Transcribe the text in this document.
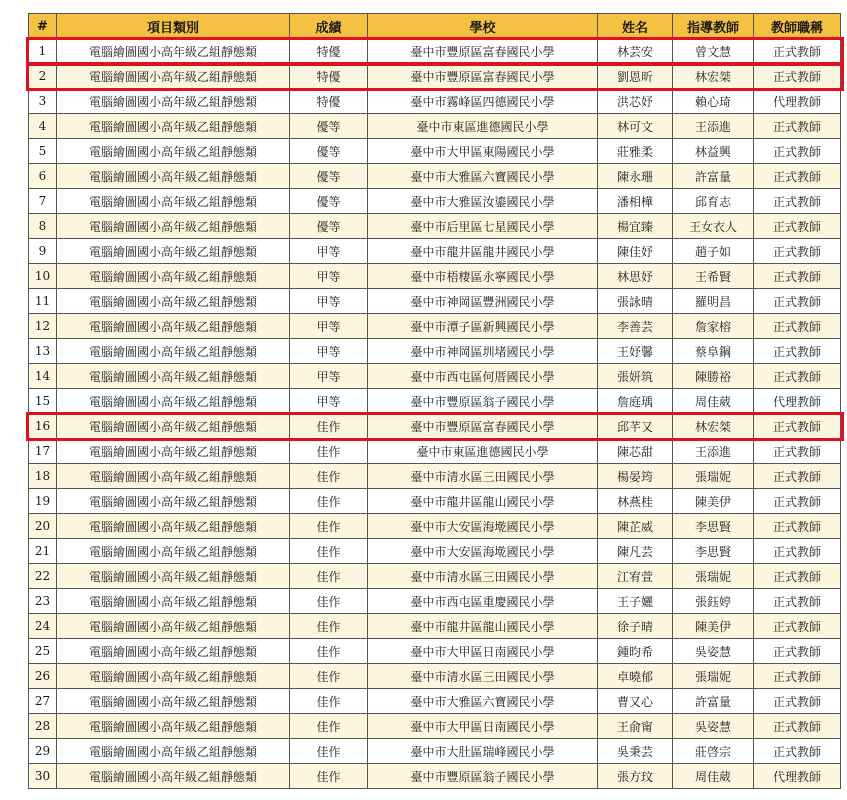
#	項目類別	成績	學校	姓名	指導教師	教師職稱
1	電腦繪圖國小高年級乙組靜態類	特優	臺中市豐原區富春國民小學	林芸安	曾文慧	正式教師
2	電腦繪圖國小高年級乙組靜態類	特優	臺中市豐原區富春國民小學	劉恩昕	林宏桀	正式教師
3	電腦繪圖國小高年級乙組靜態類	特優	臺中市霧峰區四德國民小學	洪芯妤	賴心琦	代理教師
4	電腦繪圖國小高年級乙組靜態類	優等	臺中市東區進德國民小學	林可文	王添進	正式教師
5	電腦繪圖國小高年級乙組靜態類	優等	臺中市大甲區東陽國民小學	莊雅柔	林益興	正式教師
6	電腦繪圖國小高年級乙組靜態類	優等	臺中市大雅區六寶國民小學	陳永珊	許富量	正式教師
7	電腦繪圖國小高年級乙組靜態類	優等	臺中市大雅區汝鎏國民小學	潘相樺	邱育志	正式教師
8	電腦繪圖國小高年級乙組靜態類	優等	臺中市后里區七星國民小學	楊宜臻	王女衣人	正式教師
9	電腦繪圖國小高年級乙組靜態類	甲等	臺中市龍井區龍井國民小學	陳佳妤	趙子如	正式教師
10	電腦繪圖國小高年級乙組靜態類	甲等	臺中市梧棲區永寧國民小學	林思妤	王希賢	正式教師
11	電腦繪圖國小高年級乙組靜態類	甲等	臺中市神岡區豐洲國民小學	張詠晴	羅明昌	正式教師
12	電腦繪圖國小高年級乙組靜態類	甲等	臺中市潭子區新興國民小學	李善芸	詹家榕	正式教師
13	電腦繪圖國小高年級乙組靜態類	甲等	臺中市神岡區圳堵國民小學	王妤馨	蔡阜鋼	正式教師
14	電腦繪圖國小高年級乙組靜態類	甲等	臺中市西屯區何厝國民小學	張妍筑	陳勝裕	正式教師
15	電腦繪圖國小高年級乙組靜態類	甲等	臺中市豐原區翁子國民小學	詹庭瑀	周佳葳	代理教師
16	電腦繪圖國小高年級乙組靜態類	佳作	臺中市豐原區富春國民小學	邱芊又	林宏桀	正式教師
17	電腦繪圖國小高年級乙組靜態類	佳作	臺中市東區進德國民小學	陳芯甜	王添進	正式教師
18	電腦繪圖國小高年級乙組靜態類	佳作	臺中市清水區三田國民小學	楊晏筠	張瑞妮	正式教師
19	電腦繪圖國小高年級乙組靜態類	佳作	臺中市龍井區龍山國民小學	林燕桂	陳美伊	正式教師
20	電腦繪圖國小高年級乙組靜態類	佳作	臺中市大安區海墘國民小學	陳芷威	李思賢	正式教師
21	電腦繪圖國小高年級乙組靜態類	佳作	臺中市大安區海墘國民小學	陳凡芸	李思賢	正式教師
22	電腦繪圖國小高年級乙組靜態類	佳作	臺中市清水區三田國民小學	江宥萱	張瑞妮	正式教師
23	電腦繪圖國小高年級乙組靜態類	佳作	臺中市西屯區重慶國民小學	王子孋	張鈺婷	正式教師
24	電腦繪圖國小高年級乙組靜態類	佳作	臺中市龍井區龍山國民小學	徐子晴	陳美伊	正式教師
25	電腦繪圖國小高年級乙組靜態類	佳作	臺中市大甲區日南國民小學	鍾昀希	吳姿慧	正式教師
26	電腦繪圖國小高年級乙組靜態類	佳作	臺中市清水區三田國民小學	卓曉郁	張瑞妮	正式教師
27	電腦繪圖國小高年級乙組靜態類	佳作	臺中市大雅區六寶國民小學	曹又心	許富量	正式教師
28	電腦繪圖國小高年級乙組靜態類	佳作	臺中市大甲區日南國民小學	王俞甯	吳姿慧	正式教師
29	電腦繪圖國小高年級乙組靜態類	佳作	臺中市大肚區瑞峰國民小學	吳秉芸	莊啓宗	正式教師
30	電腦繪圖國小高年級乙組靜態類	佳作	臺中市豐原區翁子國民小學	張方玟	周佳葳	代理教師
